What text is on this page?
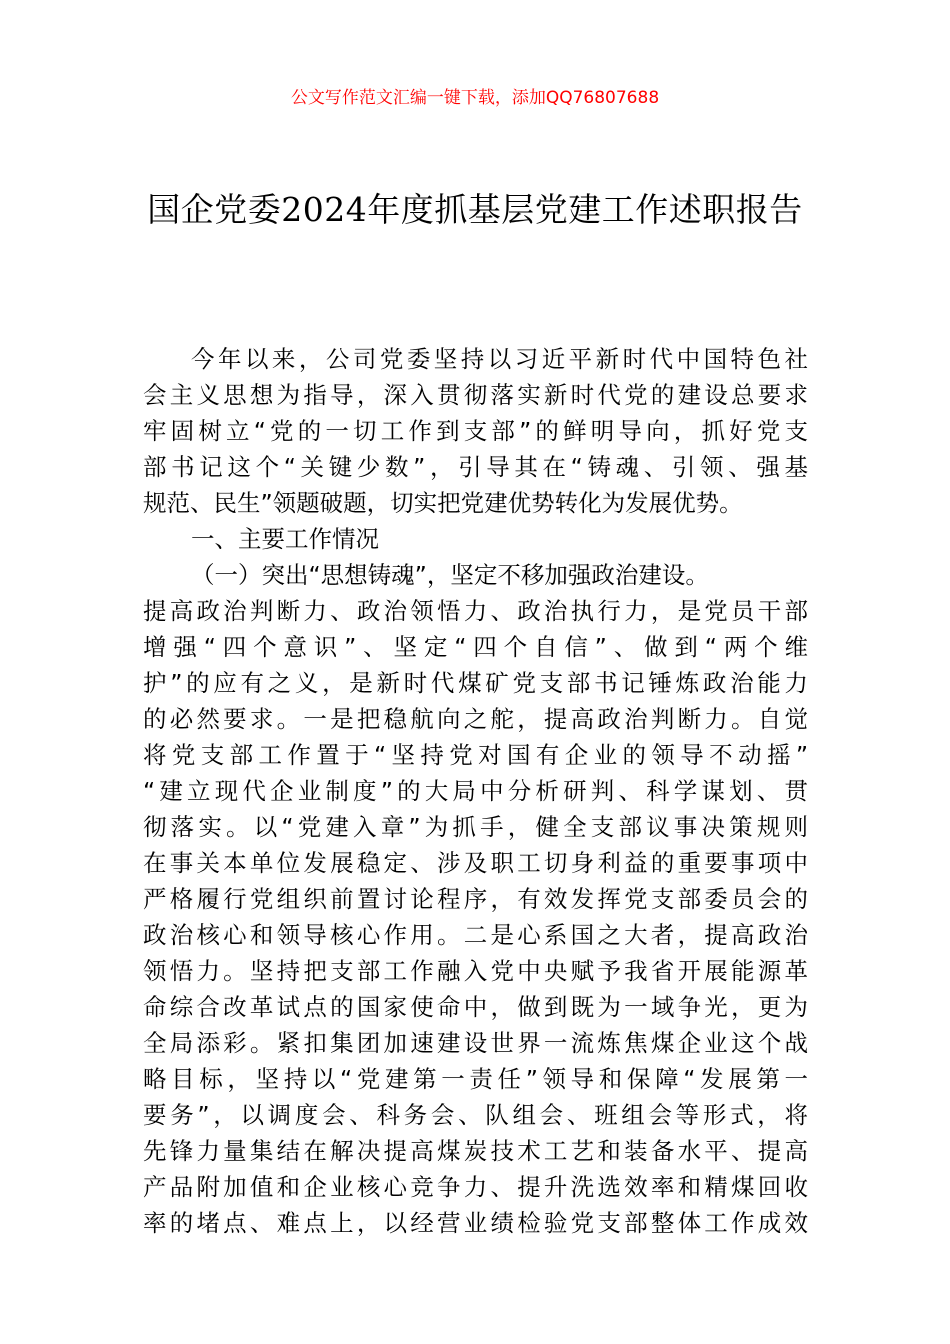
公文写作范文汇编一键下载，添加QQ76807688
国企党委2024年度抓基层党建工作述职报告
今年以来，公司党委坚持以习近平新时代中国特色社
会主义思想为指导，深入贯彻落实新时代党的建设总要求
牢固树立“党的一切工作到支部”的鲜明导向，抓好党支
部书记这个“关键少数”，引导其在“铸魂、引领、强基
规范、民生”领题破题，切实把党建优势转化为发展优势。
一、主要工作情况
（一）突出“思想铸魂”，坚定不移加强政治建设。
提高政治判断力、政治领悟力、政治执行力，是党员干部
增强“四个意识”、坚定“四个自信”、做到“两个维
护”的应有之义，是新时代煤矿党支部书记锤炼政治能力
的必然要求。一是把稳航向之舵，提高政治判断力。自觉
将党支部工作置于“坚持党对国有企业的领导不动摇”
“建立现代企业制度”的大局中分析研判、科学谋划、贯
彻落实。以“党建入章”为抓手，健全支部议事决策规则
在事关本单位发展稳定、涉及职工切身利益的重要事项中
严格履行党组织前置讨论程序，有效发挥党支部委员会的
政治核心和领导核心作用。二是心系国之大者，提高政治
领悟力。坚持把支部工作融入党中央赋予我省开展能源革
命综合改革试点的国家使命中，做到既为一域争光，更为
全局添彩。紧扣集团加速建设世界一流炼焦煤企业这个战
略目标，坚持以“党建第一责任”领导和保障“发展第一
要务”，以调度会、科务会、队组会、班组会等形式，将
先锋力量集结在解决提高煤炭技术工艺和装备水平、提高
产品附加值和企业核心竞争力、提升洗选效率和精煤回收
率的堵点、难点上，以经营业绩检验党支部整体工作成效
